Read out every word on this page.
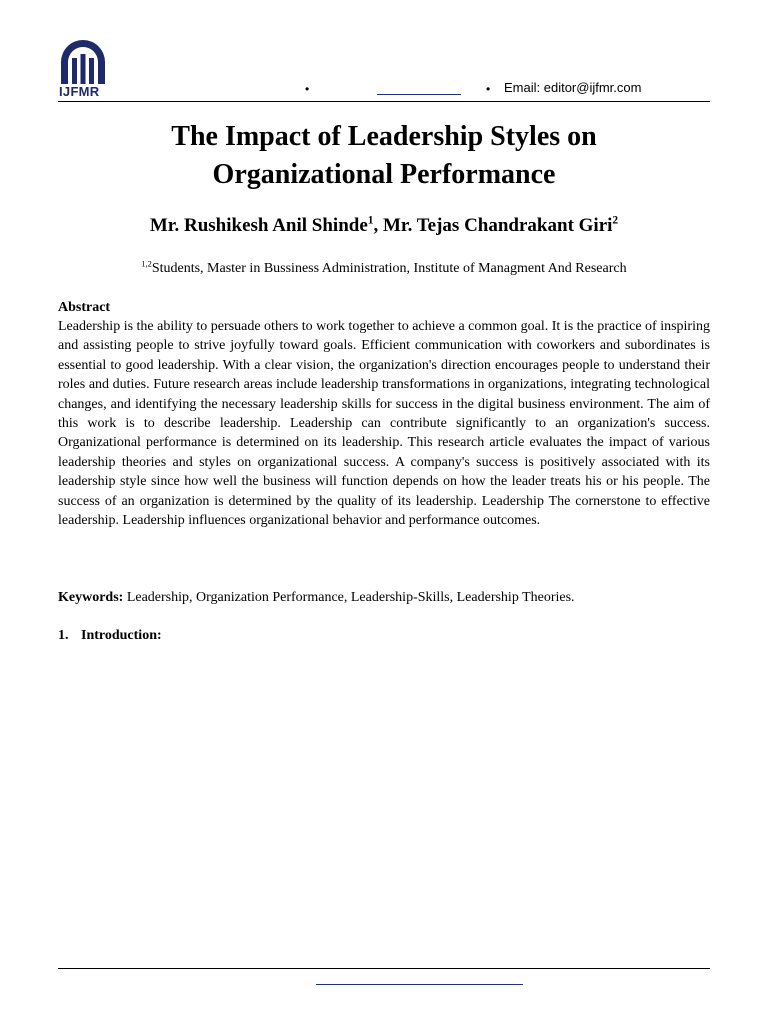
IJFMR	•	• Email: editor@ijfmr.com
The Impact of Leadership Styles on
Organizational Performance
Mr. Rushikesh Anil Shinde$^1$, Mr. Tejas Chandrakant Giri$^2$
$^{1,2}$Students, Master in Bussiness Administration, Institute of Managment And Research
Abstract

Leadership is the ability to persuade others to work together to achieve a common goal. It is the practice of inspiring and assisting people to strive joyfully toward goals. Efficient communication with coworkers and subordinates is essential to good leadership. With a clear vision, the organization's direction encourages people to understand their roles and duties. Future research areas include leadership transformations in organizations, integrating technological changes, and identifying the necessary leadership skills for success in the digital business environment. The aim of this work is to describe leadership. Leadership can contribute significantly to an organization's success. Organizational performance is determined on its leadership. This research article evaluates the impact of various leadership theories and styles on organizational success. A company's success is positively associated with its leadership style since how well the business will function depends on how the leader treats his or his people. The success of an organization is determined by the quality of its leadership. Leadership The cornerstone to effective leadership. Leadership influences organizational behavior and performance outcomes.

Keywords: Leadership, Organization Performance, Leadership-Skills, Leadership Theories.
1. Introduction:
